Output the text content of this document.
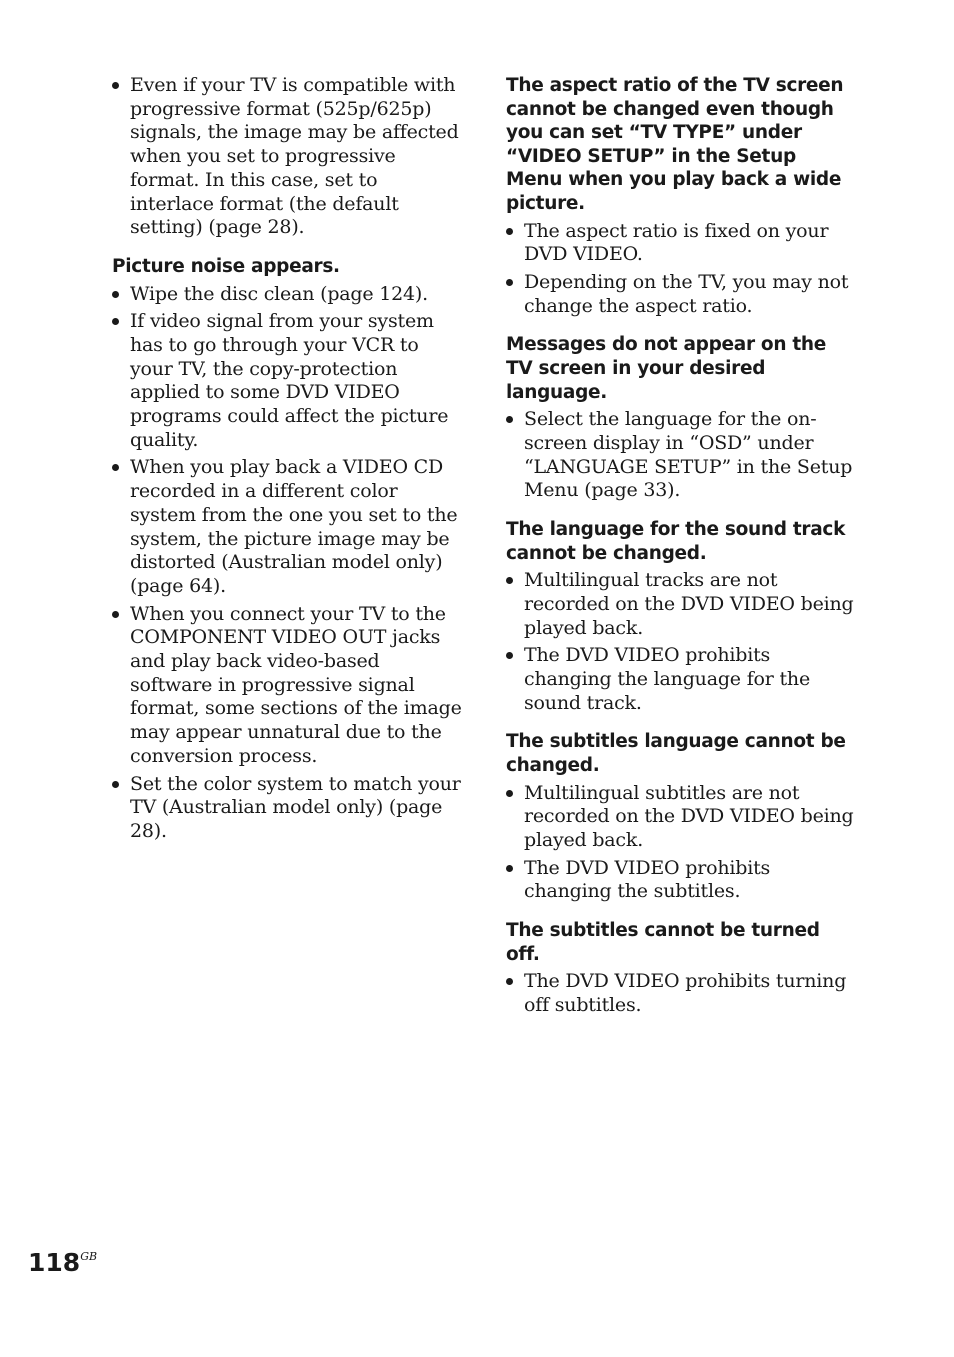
Even if your TV is compatible with progressive format (525p/625p) signals, the image may be affected when you set to progressive format. In this case, set to interlace format (the default setting) (page 28).
Picture noise appears.
Wipe the disc clean (page 124).
If video signal from your system has to go through your VCR to your TV, the copy-protection applied to some DVD VIDEO programs could affect the picture quality.
When you play back a VIDEO CD recorded in a different color system from the one you set to the system, the picture image may be distorted (Australian model only) (page 64).
When you connect your TV to the COMPONENT VIDEO OUT jacks and play back video-based software in progressive signal format, some sections of the image may appear unnatural due to the conversion process.
Set the color system to match your TV (Australian model only) (page 28).
The aspect ratio of the TV screen cannot be changed even though you can set “TV TYPE” under “VIDEO SETUP” in the Setup Menu when you play back a wide picture.
The aspect ratio is fixed on your DVD VIDEO.
Depending on the TV, you may not change the aspect ratio.
Messages do not appear on the TV screen in your desired language.
Select the language for the on-screen display in “OSD” under “LANGUAGE SETUP” in the Setup Menu (page 33).
The language for the sound track cannot be changed.
Multilingual tracks are not recorded on the DVD VIDEO being played back.
The DVD VIDEO prohibits changing the language for the sound track.
The subtitles language cannot be changed.
Multilingual subtitles are not recorded on the DVD VIDEO being played back.
The DVD VIDEO prohibits changing the subtitles.
The subtitles cannot be turned off.
The DVD VIDEO prohibits turning off subtitles.
$118^{GB}$
